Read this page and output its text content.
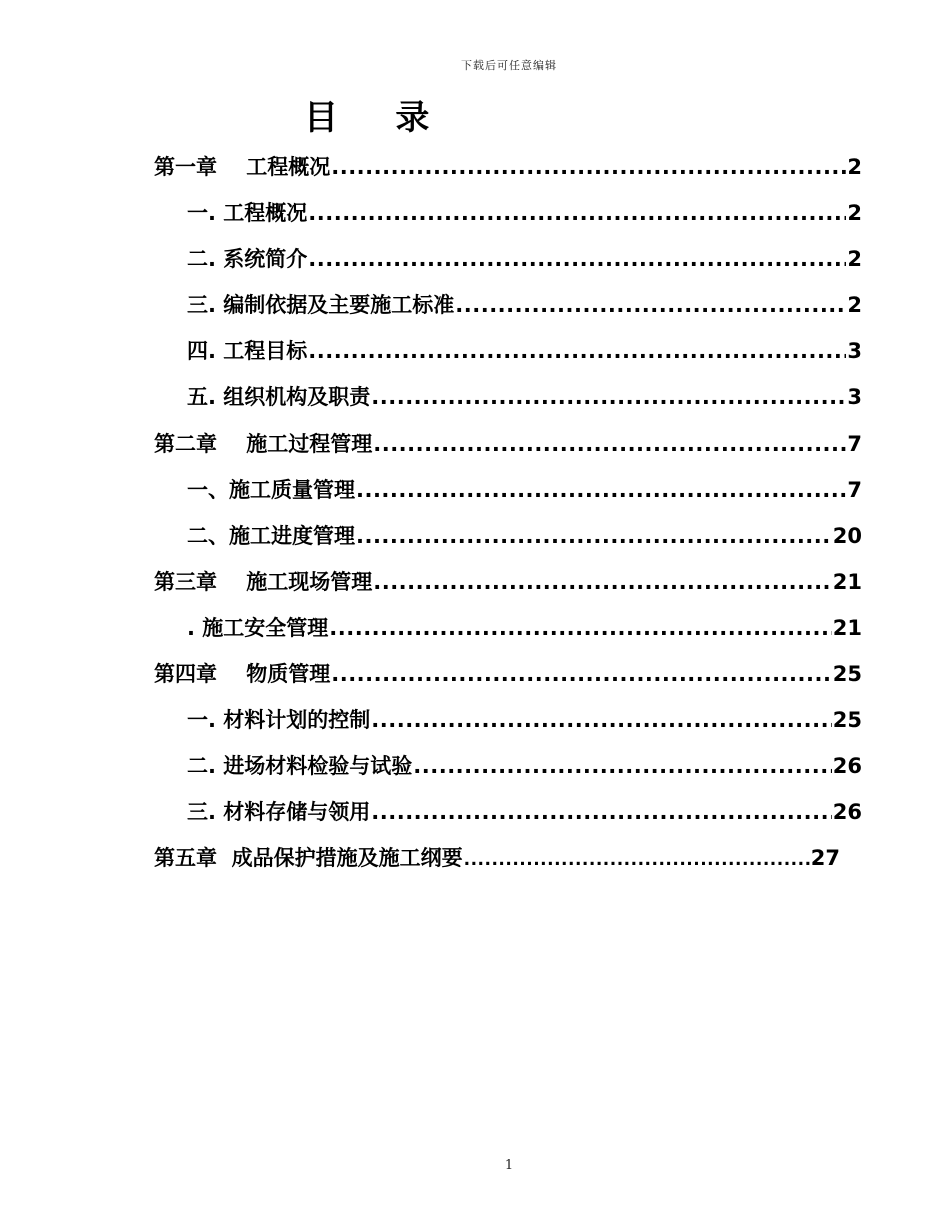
下载后可任意编辑
目    录
第一章    工程概况 .....	2
一. 工程概况 .....	2
二. 系统简介 .....	2
三. 编制依据及主要施工标准 .....	2
四. 工程目标 .....	3
五. 组织机构及职责 .....	3
第二章    施工过程管理 .....	7
一、施工质量管理 .....	7
二、施工进度管理 .....	20
第三章    施工现场管理 .....	21
. 施工安全管理 .....	21
第四章    物质管理 .....	25
一. 材料计划的控制 .....	25
二. 进场材料检验与试验 .....	26
三. 材料存储与领用 .....	26
第五章  成品保护措施及施工纲要 .....	27
1
